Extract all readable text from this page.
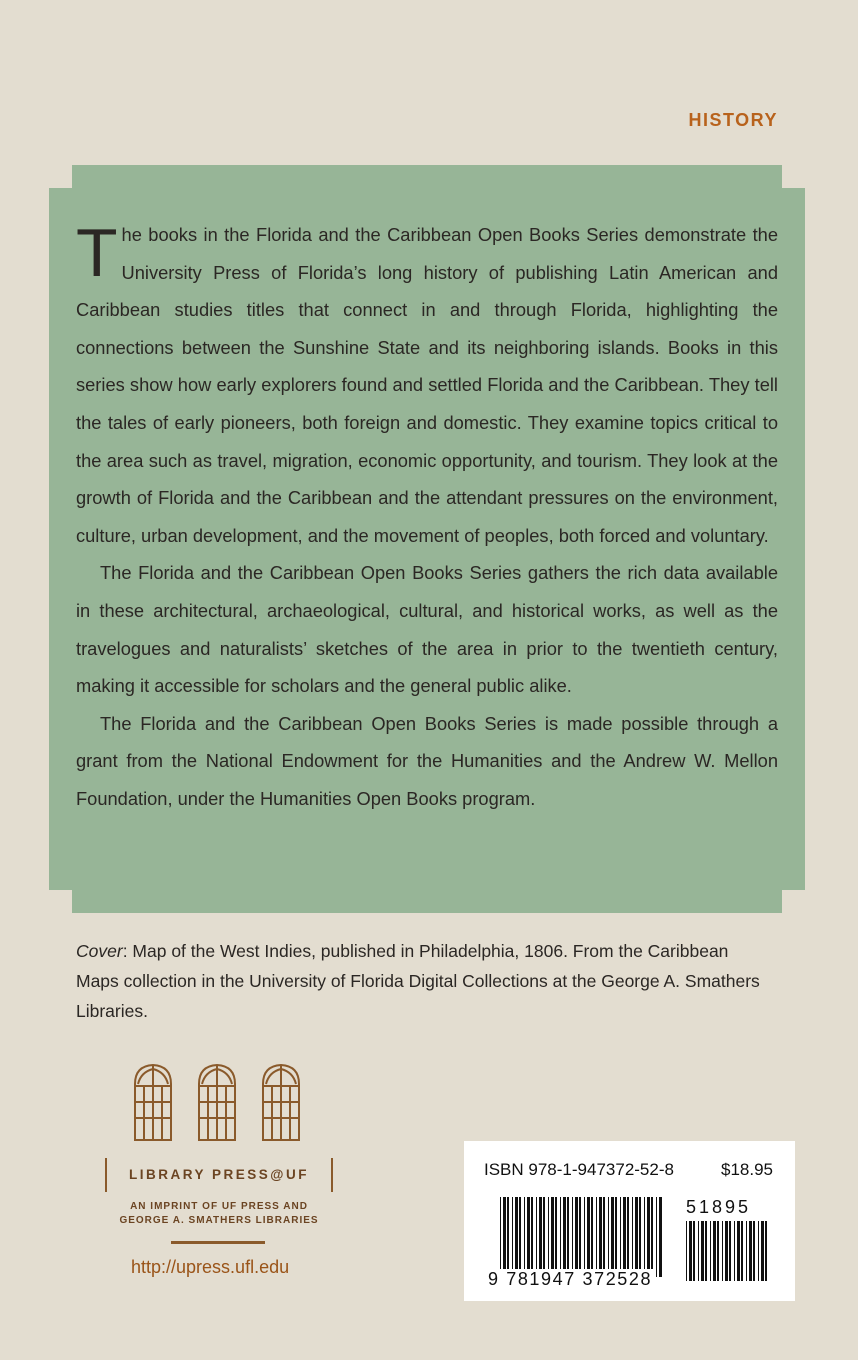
HISTORY

The books in the Florida and the Caribbean Open Books Series demonstrate the University Press of Florida’s long history of publishing Latin American and Caribbean studies titles that connect in and through Florida, highlighting the connections between the Sunshine State and its neighboring islands. Books in this series show how early explorers found and settled Florida and the Caribbean. They tell the tales of early pioneers, both foreign and domestic. They examine topics critical to the area such as travel, migration, economic opportunity, and tourism. They look at the growth of Florida and the Caribbean and the attendant pressures on the environment, culture, urban development, and the movement of peoples, both forced and voluntary.

The Florida and the Caribbean Open Books Series gathers the rich data available in these architectural, archaeological, cultural, and historical works, as well as the travelogues and naturalists’ sketches of the area in prior to the twentieth century, making it accessible for scholars and the general public alike.

The Florida and the Caribbean Open Books Series is made possible through a grant from the National Endowment for the Humanities and the Andrew W. Mellon Foundation, under the Humanities Open Books program.

Cover: Map of the West Indies, published in Philadelphia, 1806. From the Caribbean Maps collection in the University of Florida Digital Collections at the George A. Smathers Libraries.
LIBRARY PRESS@UF
AN IMPRINT OF UF PRESS AND
GEORGE A. SMATHERS LIBRARIES
http://upress.ufl.edu
ISBN 978-1-947372-52-8	$18.95
9 781947 372528
51895
